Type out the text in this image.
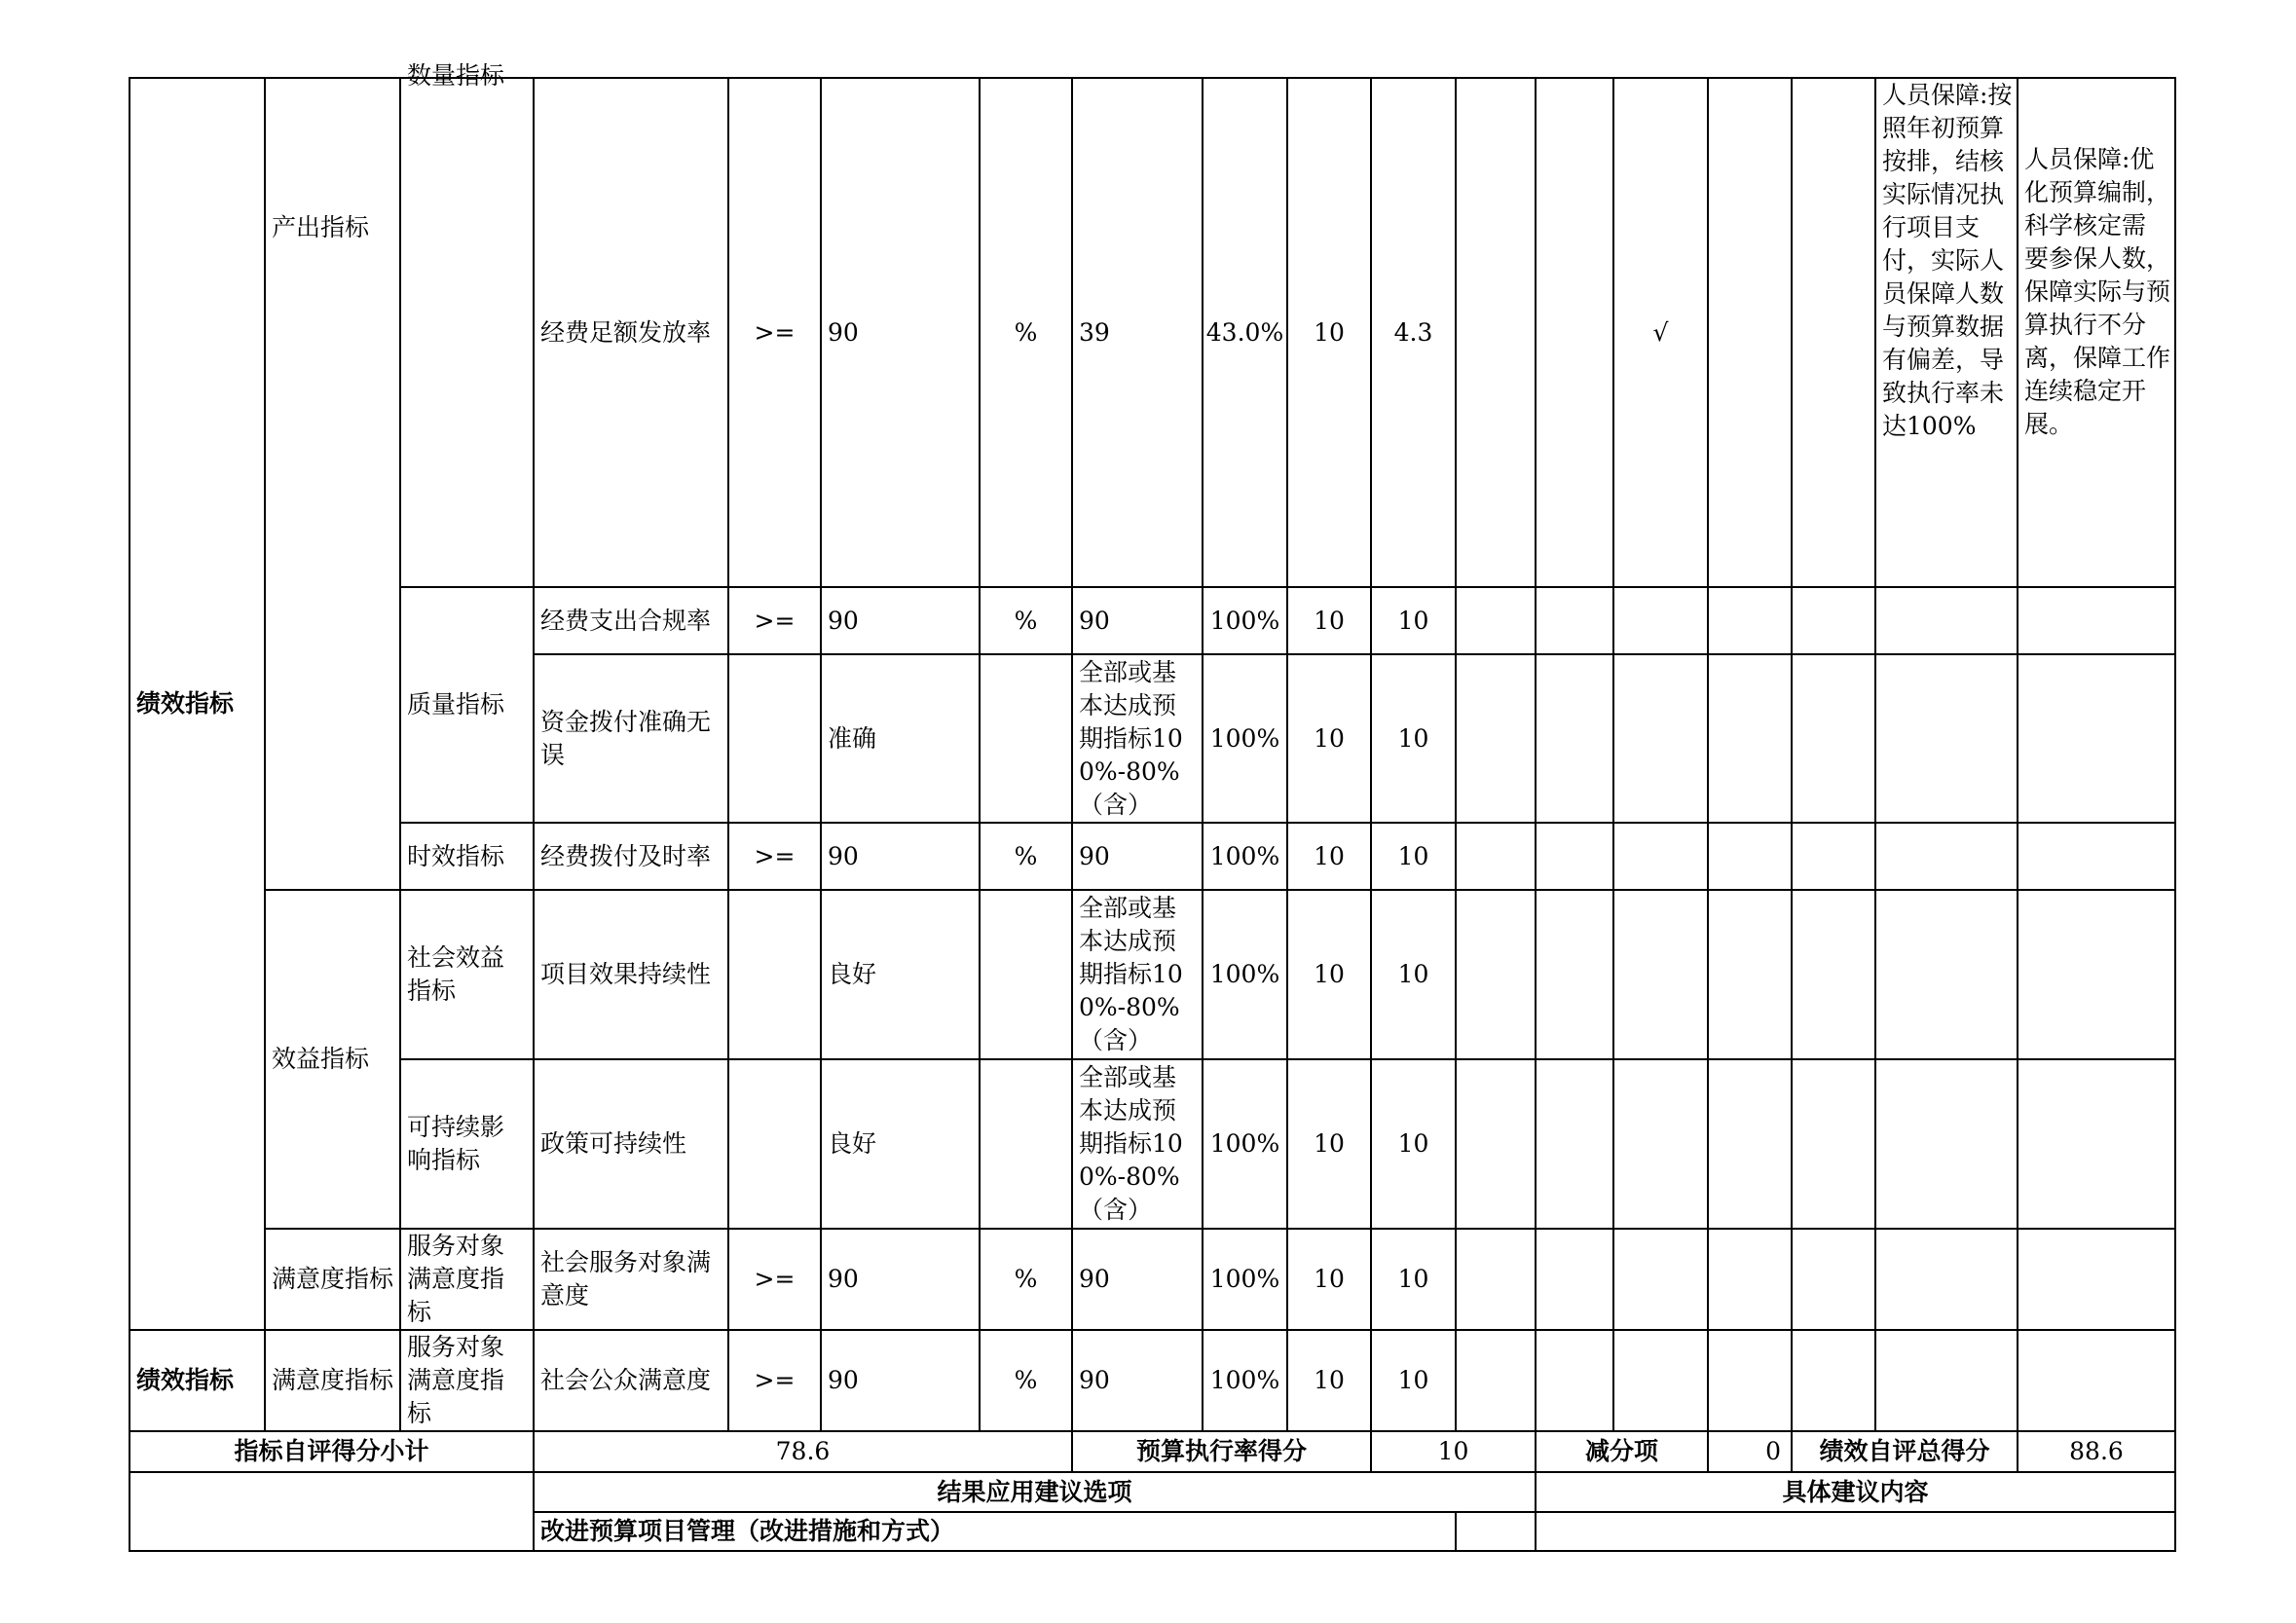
绩效指标	产出指标	数量指标	经费足额发放率	>=	90	%	39	43.0%	10	4.3			√			人员保障:按照年初预算按排，结核实际情况执行项目支付，实际人员保障人数与预算数据有偏差，导致执行率未达100%	人员保障:优化预算编制，科学核定需 要参保人数，保障实际与预算执行不分离，保障工作连续稳定开展。
		质量指标	经费支出合规率	>=	90	%	90	100%	10	10							
			资金拨付准确无误		准确		全部或基本达成预期指标100%-80%（含）	100%	10	10							
		时效指标	经费拨付及时率	>=	90	%	90	100%	10	10							
	效益指标	社会效益指标	项目效果持续性		良好		全部或基本达成预期指标100%-80%（含）	100%	10	10							
		可持续影响指标	政策可持续性		良好		全部或基本达成预期指标100%-80%（含）	100%	10	10							
	满意度指标	服务对象满意度指标	社会服务对象满意度	>=	90	%	90	100%	10	10							
绩效指标	满意度指标	服务对象满意度指标	社会公众满意度	>=	90	%	90	100%	10	10							
指标自评得分小计			78.6				预算执行率得分			10		减分项		0	绩效自评总得分		88.6
			结果应用建议选项									具体建议内容					
			改进预算项目管理（改进措施和方式）														
